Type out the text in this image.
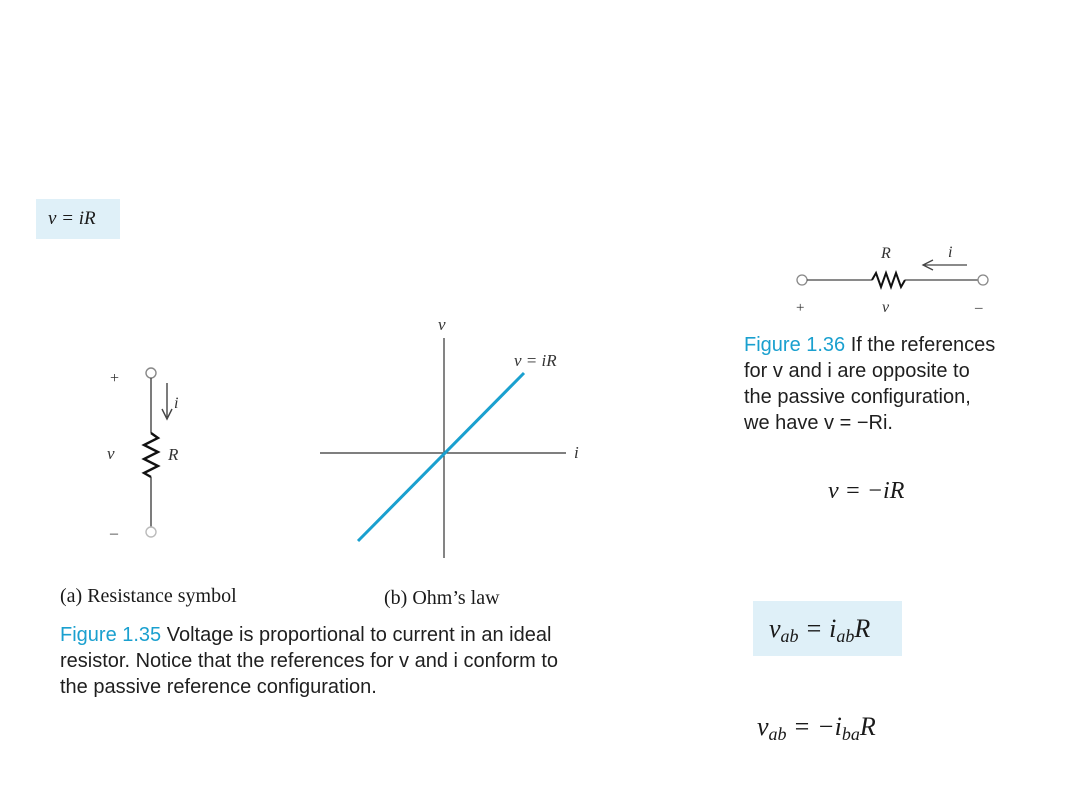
v = iR
+
i
v	R
–
v
i
v = iR
(a) Resistance symbol	(b) Ohm’s law
Figure 1.35 Voltage is proportional to current in an ideal resistor. Notice that the references for v and i conform to the passive reference configuration.
R	i
+	v	–
Figure 1.36 If the references
for v and i are opposite to
the passive configuration,
we have v = −Ri.
v = −iR
$v_{ab} = i_{ab}R$
$v_{ab} = -i_{ba}R$
